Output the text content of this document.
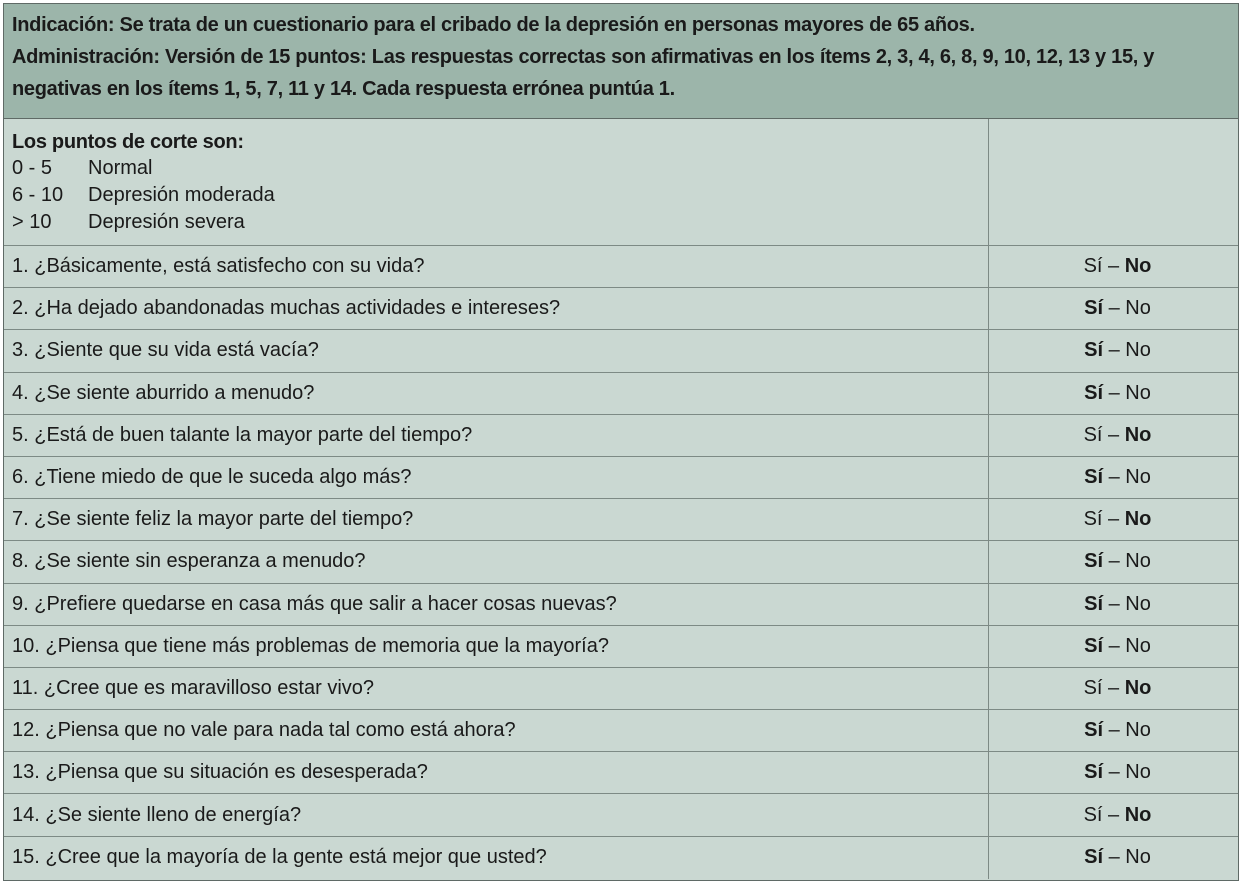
Indicación: Se trata de un cuestionario para el cribado de la depresión en personas mayores de 65 años.

Administración: Versión de 15 puntos: Las respuestas correctas son afirmativas en los ítems 2, 3, 4, 6, 8, 9, 10, 12, 13 y 15, y

negativas en los ítems 1, 5, 7, 11 y 14. Cada respuesta errónea puntúa 1.

Los puntos de corte son:
0 - 5	Normal
6 - 10	Depresión moderada
> 10	Depresión severa
1. ¿Básicamente, está satisfecho con su vida?	Sí – No
2. ¿Ha dejado abandonadas muchas actividades e intereses?	Sí – No
3. ¿Siente que su vida está vacía?	Sí – No
4. ¿Se siente aburrido a menudo?	Sí – No
5. ¿Está de buen talante la mayor parte del tiempo?	Sí – No
6. ¿Tiene miedo de que le suceda algo más?	Sí – No
7. ¿Se siente feliz la mayor parte del tiempo?	Sí – No
8. ¿Se siente sin esperanza a menudo?	Sí – No
9. ¿Prefiere quedarse en casa más que salir a hacer cosas nuevas?	Sí – No
10. ¿Piensa que tiene más problemas de memoria que la mayoría?	Sí – No
11. ¿Cree que es maravilloso estar vivo?	Sí – No
12. ¿Piensa que no vale para nada tal como está ahora?	Sí – No
13. ¿Piensa que su situación es desesperada?	Sí – No
14. ¿Se siente lleno de energía?	Sí – No
15. ¿Cree que la mayoría de la gente está mejor que usted?	Sí – No
